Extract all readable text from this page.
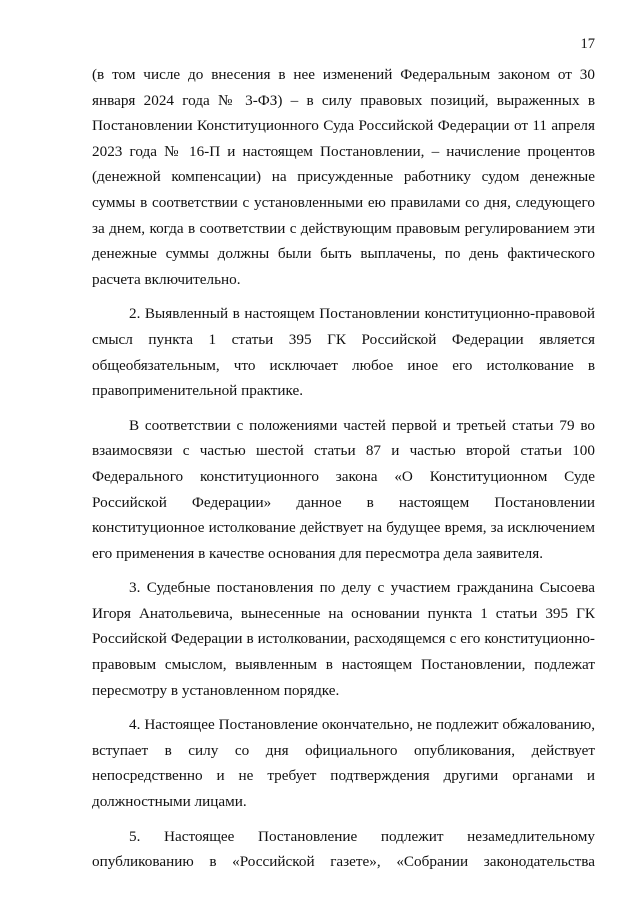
17

(в том числе до внесения в нее изменений Федеральным законом от 30 января 2024 года № 3-ФЗ) – в силу правовых позиций, выраженных в Постановлении Конституционного Суда Российской Федерации от 11 апреля 2023 года № 16-П и настоящем Постановлении, – начисление процентов (денежной компенсации) на присужденные работнику судом денежные суммы в соответствии с установленными ею правилами со дня, следующего за днем, когда в соответствии с действующим правовым регулированием эти денежные суммы должны были быть выплачены, по день фактического расчета включительно.

2. Выявленный в настоящем Постановлении конституционно-правовой смысл пункта 1 статьи 395 ГК Российской Федерации является общеобязательным, что исключает любое иное его истолкование в правоприменительной практике.

В соответствии с положениями частей первой и третьей статьи 79 во взаимосвязи с частью шестой статьи 87 и частью второй статьи 100 Федерального конституционного закона «О Конституционном Суде Российской Федерации» данное в настоящем Постановлении конституционное истолкование действует на будущее время, за исключением его применения в качестве основания для пересмотра дела заявителя.

3. Судебные постановления по делу с участием гражданина Сысоева Игоря Анатольевича, вынесенные на основании пункта 1 статьи 395 ГК Российской Федерации в истолковании, расходящемся с его конституционно-правовым смыслом, выявленным в настоящем Постановлении, подлежат пересмотру в установленном порядке.

4. Настоящее Постановление окончательно, не подлежит обжалованию, вступает в силу со дня официального опубликования, действует непосредственно и не требует подтверждения другими органами и должностными лицами.

5. Настоящее Постановление подлежит незамедлительному опубликованию в «Российской газете», «Собрании законодательства
